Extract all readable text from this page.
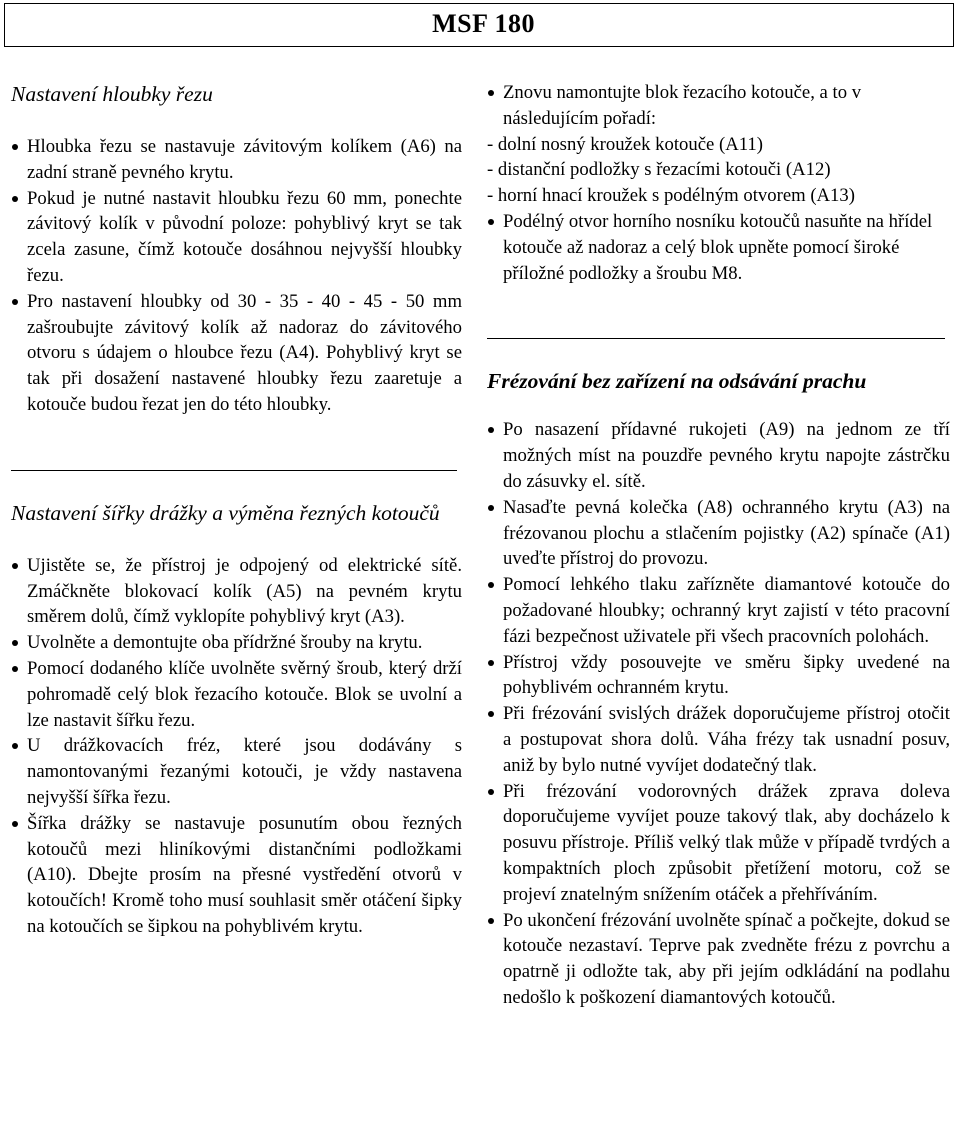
MSF 180
Nastavení hloubky řezu
Hloubka řezu se nastavuje závitovým kolíkem (A6) na zadní straně pevného krytu.
Pokud je nutné nastavit hloubku řezu 60 mm, ponechte závitový kolík v původní poloze: pohyblivý kryt se tak zcela zasune, čímž kotouče dosáhnou nejvyšší hloubky řezu.
Pro nastavení hloubky od 30 - 35 - 40 - 45 - 50 mm zašroubujte závitový kolík až nadoraz do závitového otvoru s údajem o hloubce řezu (A4). Pohyblivý kryt se tak při dosažení nastavené hloubky řezu zaaretuje a kotouče budou řezat jen do této hloubky.
Nastavení šířky drážky a výměna řezných kotoučů
Ujistěte se, že přístroj je odpojený od elektrické sítě. Zmáčkněte blokovací kolík (A5) na pevném krytu směrem dolů, čímž vyklopíte pohyblivý kryt (A3).
Uvolněte a demontujte oba přídržné šrouby na krytu.
Pomocí dodaného klíče uvolněte svěrný šroub, který drží pohromadě celý blok řezacího kotouče. Blok se uvolní a lze nastavit šířku řezu.
U drážkovacích fréz, které jsou dodávány s namontovanými řezanými kotouči, je vždy nastavena nejvyšší šířka řezu.
Šířka drážky se nastavuje posunutím obou řezných kotoučů mezi hliníkovými distančními podložkami (A10). Dbejte prosím na přesné vystředění otvorů v kotoučích! Kromě toho musí souhlasit směr otáčení šipky na kotoučích se šipkou na pohyblivém krytu.
Znovu namontujte blok řezacího kotouče, a to v následujícím pořadí:
- dolní nosný kroužek kotouče (A11)
- distanční podložky s řezacími kotouči (A12)
- horní hnací kroužek s podélným otvorem (A13)
Podélný otvor horního nosníku kotoučů nasuňte na hřídel kotouče až nadoraz a celý blok upněte pomocí široké příložné podložky a šroubu M8.
Frézování bez zařízení na odsávání prachu
Po nasazení přídavné rukojeti (A9) na jednom ze tří možných míst na pouzdře pevného krytu napojte zástrčku do zásuvky el. sítě.
Nasaďte pevná kolečka (A8) ochranného krytu (A3) na frézovanou plochu a stlačením pojistky (A2) spínače (A1) uveďte přístroj do provozu.
Pomocí lehkého tlaku zařízněte diamantové kotouče do požadované hloubky; ochranný kryt zajistí v této pracovní fázi bezpečnost uživatele při všech pracovních polohách.
Přístroj vždy posouvejte ve směru šipky uvedené na pohyblivém ochranném krytu.
Při frézování svislých drážek doporučujeme přístroj otočit a postupovat shora dolů. Váha frézy tak usnadní posuv, aniž by bylo nutné vyvíjet dodatečný tlak.
Při frézování vodorovných drážek zprava doleva doporučujeme vyvíjet pouze takový tlak, aby docházelo k posuvu přístroje. Příliš velký tlak může v případě tvrdých a kompaktních ploch způsobit přetížení motoru, což se projeví znatelným snížením otáček a přehříváním.
Po ukončení frézování uvolněte spínač a počkejte, dokud se kotouče nezastaví. Teprve pak zvedněte frézu z povrchu a opatrně ji odložte tak, aby při jejím odkládání na podlahu nedošlo k poškození diamantových kotoučů.
